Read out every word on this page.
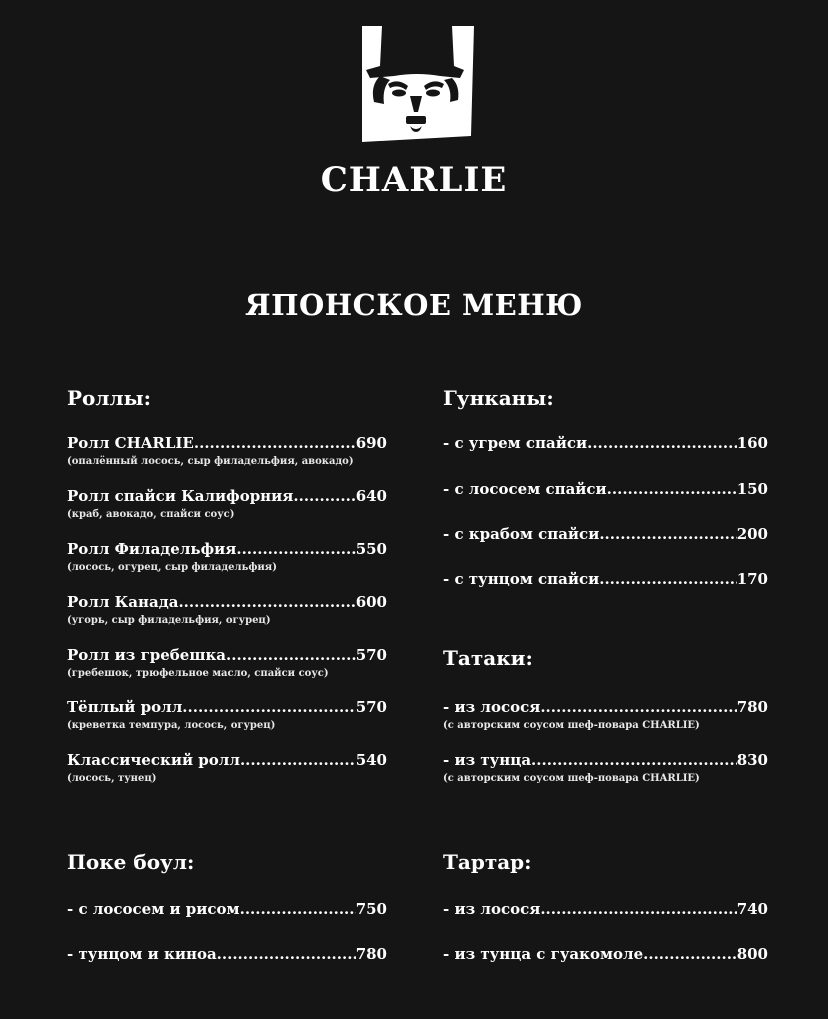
CHARLIE
ЯПОНСКОЕ МЕНЮ
Роллы:
Ролл CHARLIE .....	690
(опалённый лосось, сыр филадельфия, авокадо)
Ролл спайси Калифорния .....	640
(краб, авокадо, спайси соус)
Ролл Филадельфия .....	550
(лосось, огурец, сыр филадельфия)
Ролл Канада .....	600
(угорь, сыр филадельфия, огурец)
Ролл из гребешка .....	570
(гребешок, трюфельное масло, спайси соус)
Тёплый ролл .....	570
(креветка темпура, лосось, огурец)
Классический ролл .....	540
(лосось, тунец)
Гунканы:
- с угрем спайси .....	160
- с лососем спайси .....	150
- с крабом спайси .....	200
- с тунцом спайси .....	170
Татаки:
- из лосося .....	780
(с авторским соусом шеф-повара CHARLIE)
- из тунца .....	830
(с авторским соусом шеф-повара CHARLIE)
Поке боул:
- с лососем и рисом .....	750
- тунцом и киноа .....	780
Тартар:
- из лосося .....	740
- из тунца с гуакомоле .....	800
